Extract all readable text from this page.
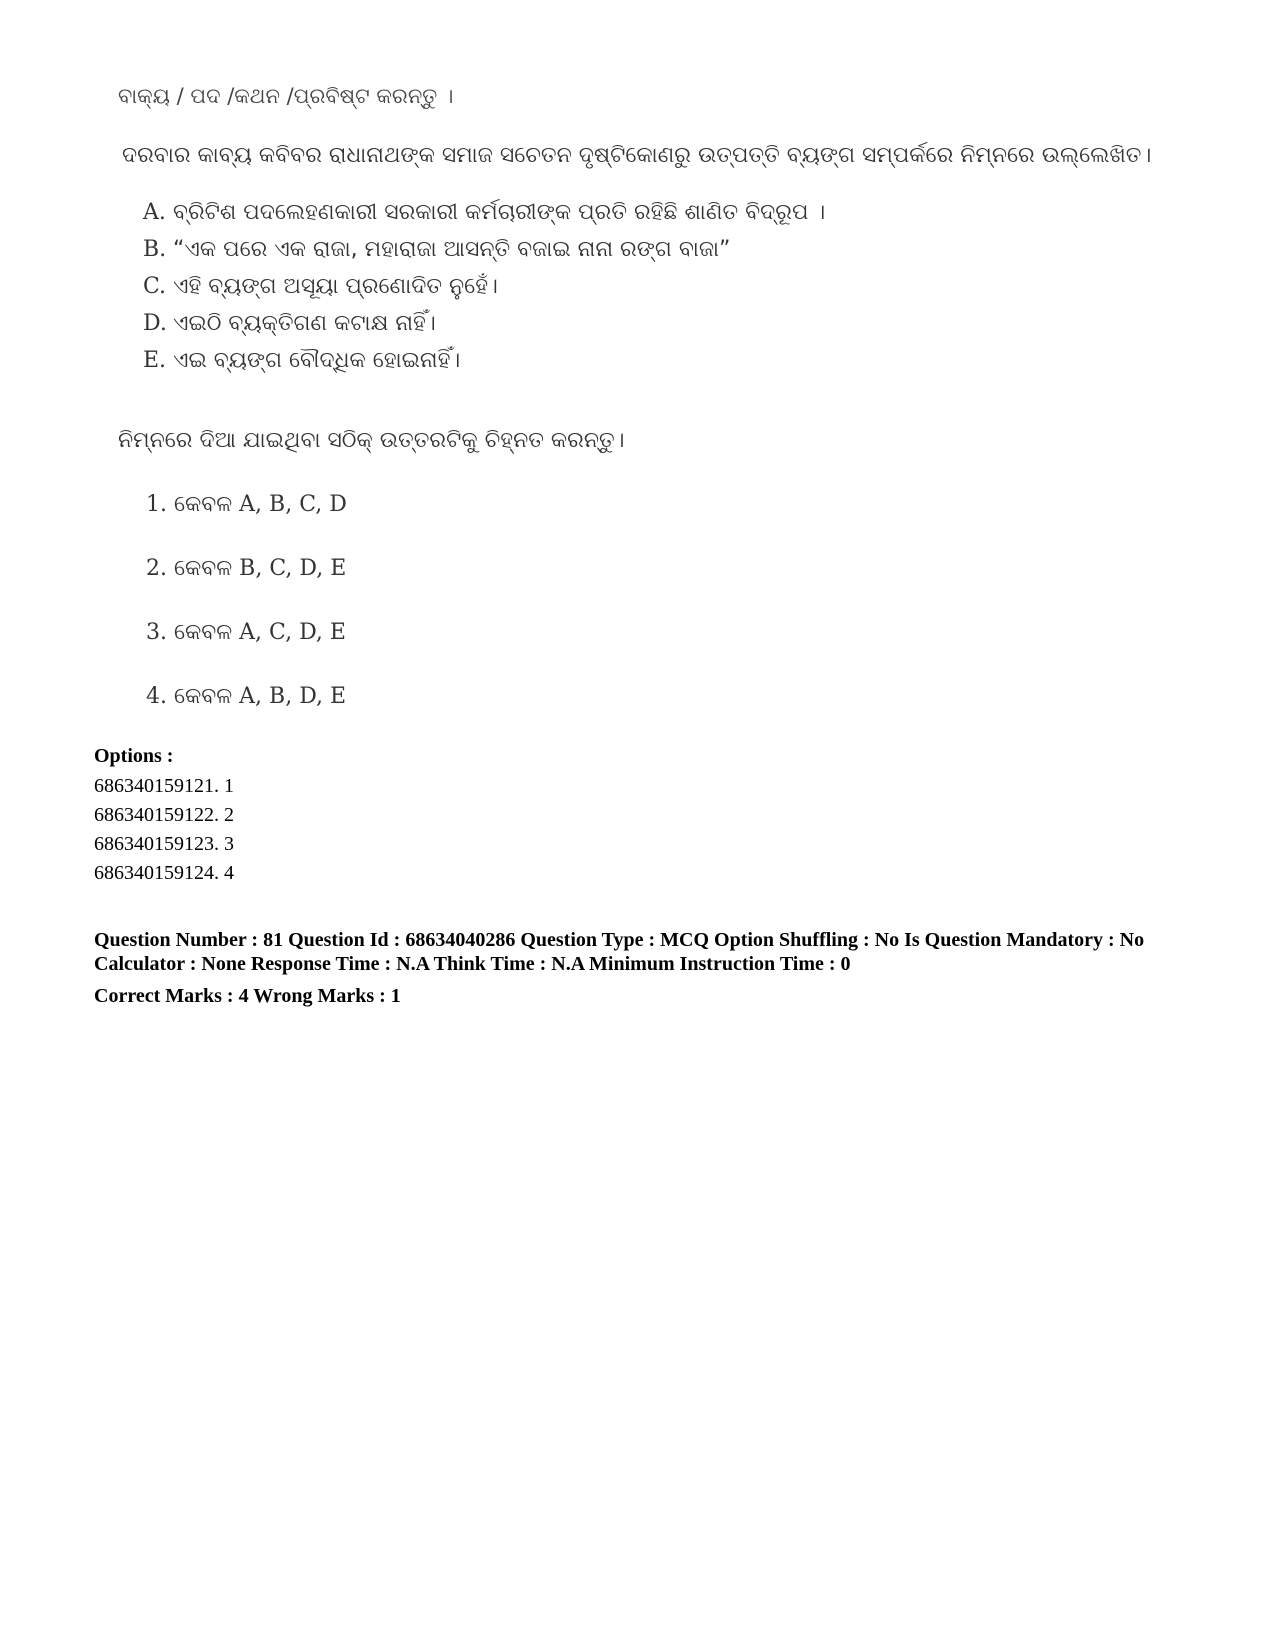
ବାକ୍ୟ / ପଦ /କଥନ /ପ୍ରବିଷ୍ଟ କରନ୍ତୁ ।
ଦରବାର କାବ୍ୟ କବିବର ରାଧାନାଥଙ୍କ ସମାଜ ସଚେତନ ଦୃଷ୍ଟିକୋଣରୁ ଉତ୍ପତ୍ତି ବ୍ୟଙ୍ଗ ସମ୍ପର୍କରେ ନିମ୍ନରେ ଉଲ୍ଲେଖିତ।
A. ବ୍ରିଟିଶ ପଦଲେହଣକାରୀ ସରକାରୀ କର୍ମଚାରୀଙ୍କ ପ୍ରତି ରହିଛି ଶାଣିତ ବିଦ୍ରୂପ ।
B. “ଏକ ପରେ ଏକ ରାଜା, ମହାରାଜା ଆସନ୍ତି ବଜାଇ ନାନା ରଙ୍ଗ ବାଜା”
C. ଏହି ବ୍ୟଙ୍ଗ ଅସୂୟା ପ୍ରଣୋଦିତ ନୁହେଁ।
D. ଏଇଠି ବ୍ୟକ୍ତିଗଣ କଟାକ୍ଷ ନାହିଁ।
E. ଏଇ ବ୍ୟଙ୍ଗ ବୌଦ୍ଧିକ ହୋଇନାହିଁ।
ନିମ୍ନରେ ଦିଆ ଯାଇଥିବା ସଠିକ୍ ଉତ୍ତରଟିକୁ ଚିହ୍ନତ କରନ୍ତୁ।
1. କେବଳ A, B, C, D
2. କେବଳ B, C, D, E
3. କେବଳ A, C, D, E
4. କେବଳ A, B, D, E
Options :
686340159121. 1
686340159122. 2
686340159123. 3
686340159124. 4
Question Number : 81 Question Id : 68634040286 Question Type : MCQ Option Shuffling : No Is Question Mandatory : No Calculator : None Response Time : N.A Think Time : N.A Minimum Instruction Time : 0
Correct Marks : 4 Wrong Marks : 1
